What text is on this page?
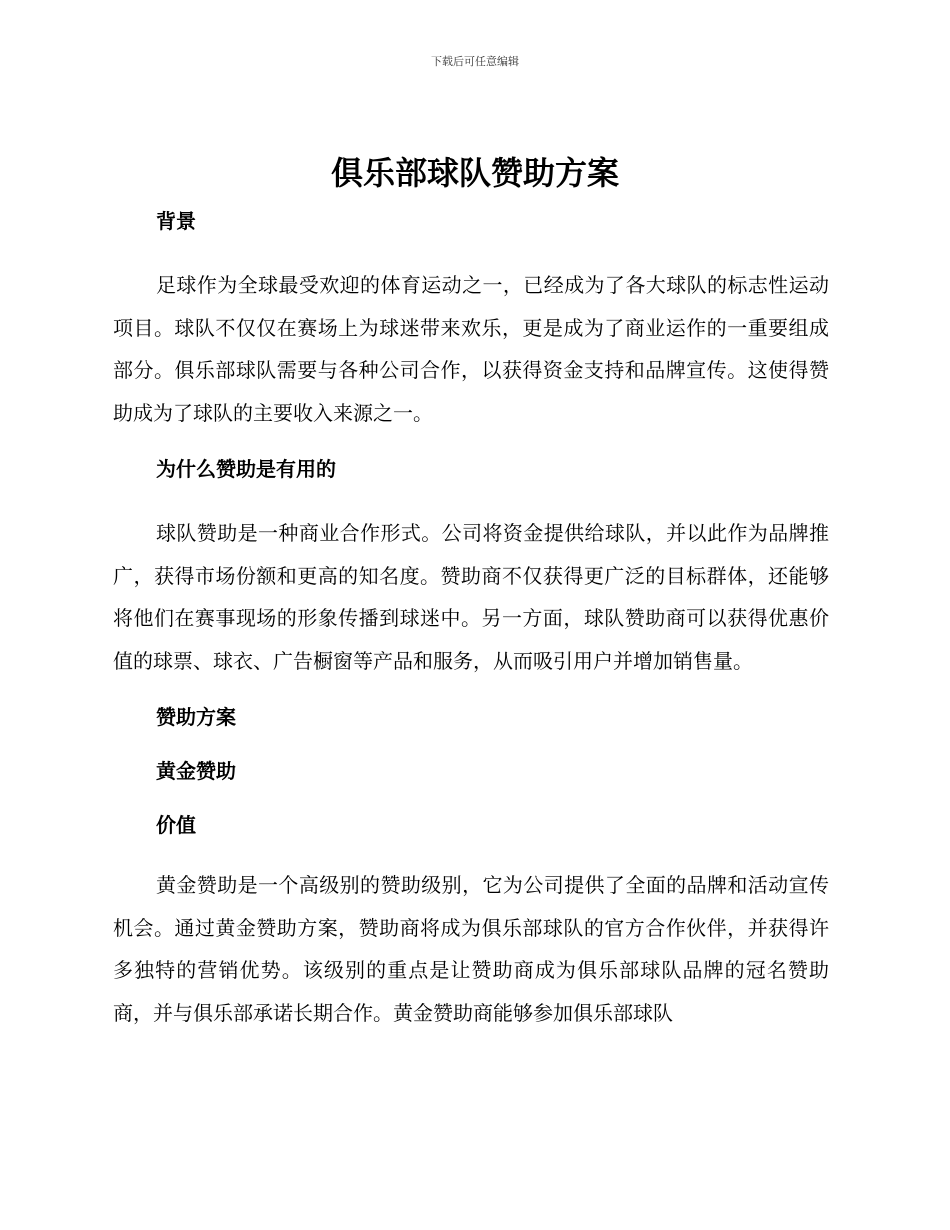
下载后可任意编辑
俱乐部球队赞助方案
背景

足球作为全球最受欢迎的体育运动之一，已经成为了各大球队的标志性运动项目。球队不仅仅在赛场上为球迷带来欢乐，更是成为了商业运作的一重要组成部分。俱乐部球队需要与各种公司合作，以获得资金支持和品牌宣传。这使得赞助成为了球队的主要收入来源之一。

为什么赞助是有用的

球队赞助是一种商业合作形式。公司将资金提供给球队，并以此作为品牌推广，获得市场份额和更高的知名度。赞助商不仅获得更广泛的目标群体，还能够将他们在赛事现场的形象传播到球迷中。另一方面，球队赞助商可以获得优惠价值的球票、球衣、广告橱窗等产品和服务，从而吸引用户并增加销售量。

赞助方案
黄金赞助
价值

黄金赞助是一个高级别的赞助级别，它为公司提供了全面的品牌和活动宣传机会。通过黄金赞助方案，赞助商将成为俱乐部球队的官方合作伙伴，并获得许多独特的营销优势。该级别的重点是让赞助商成为俱乐部球队品牌的冠名赞助商，并与俱乐部承诺长期合作。黄金赞助商能够参加俱乐部球队
